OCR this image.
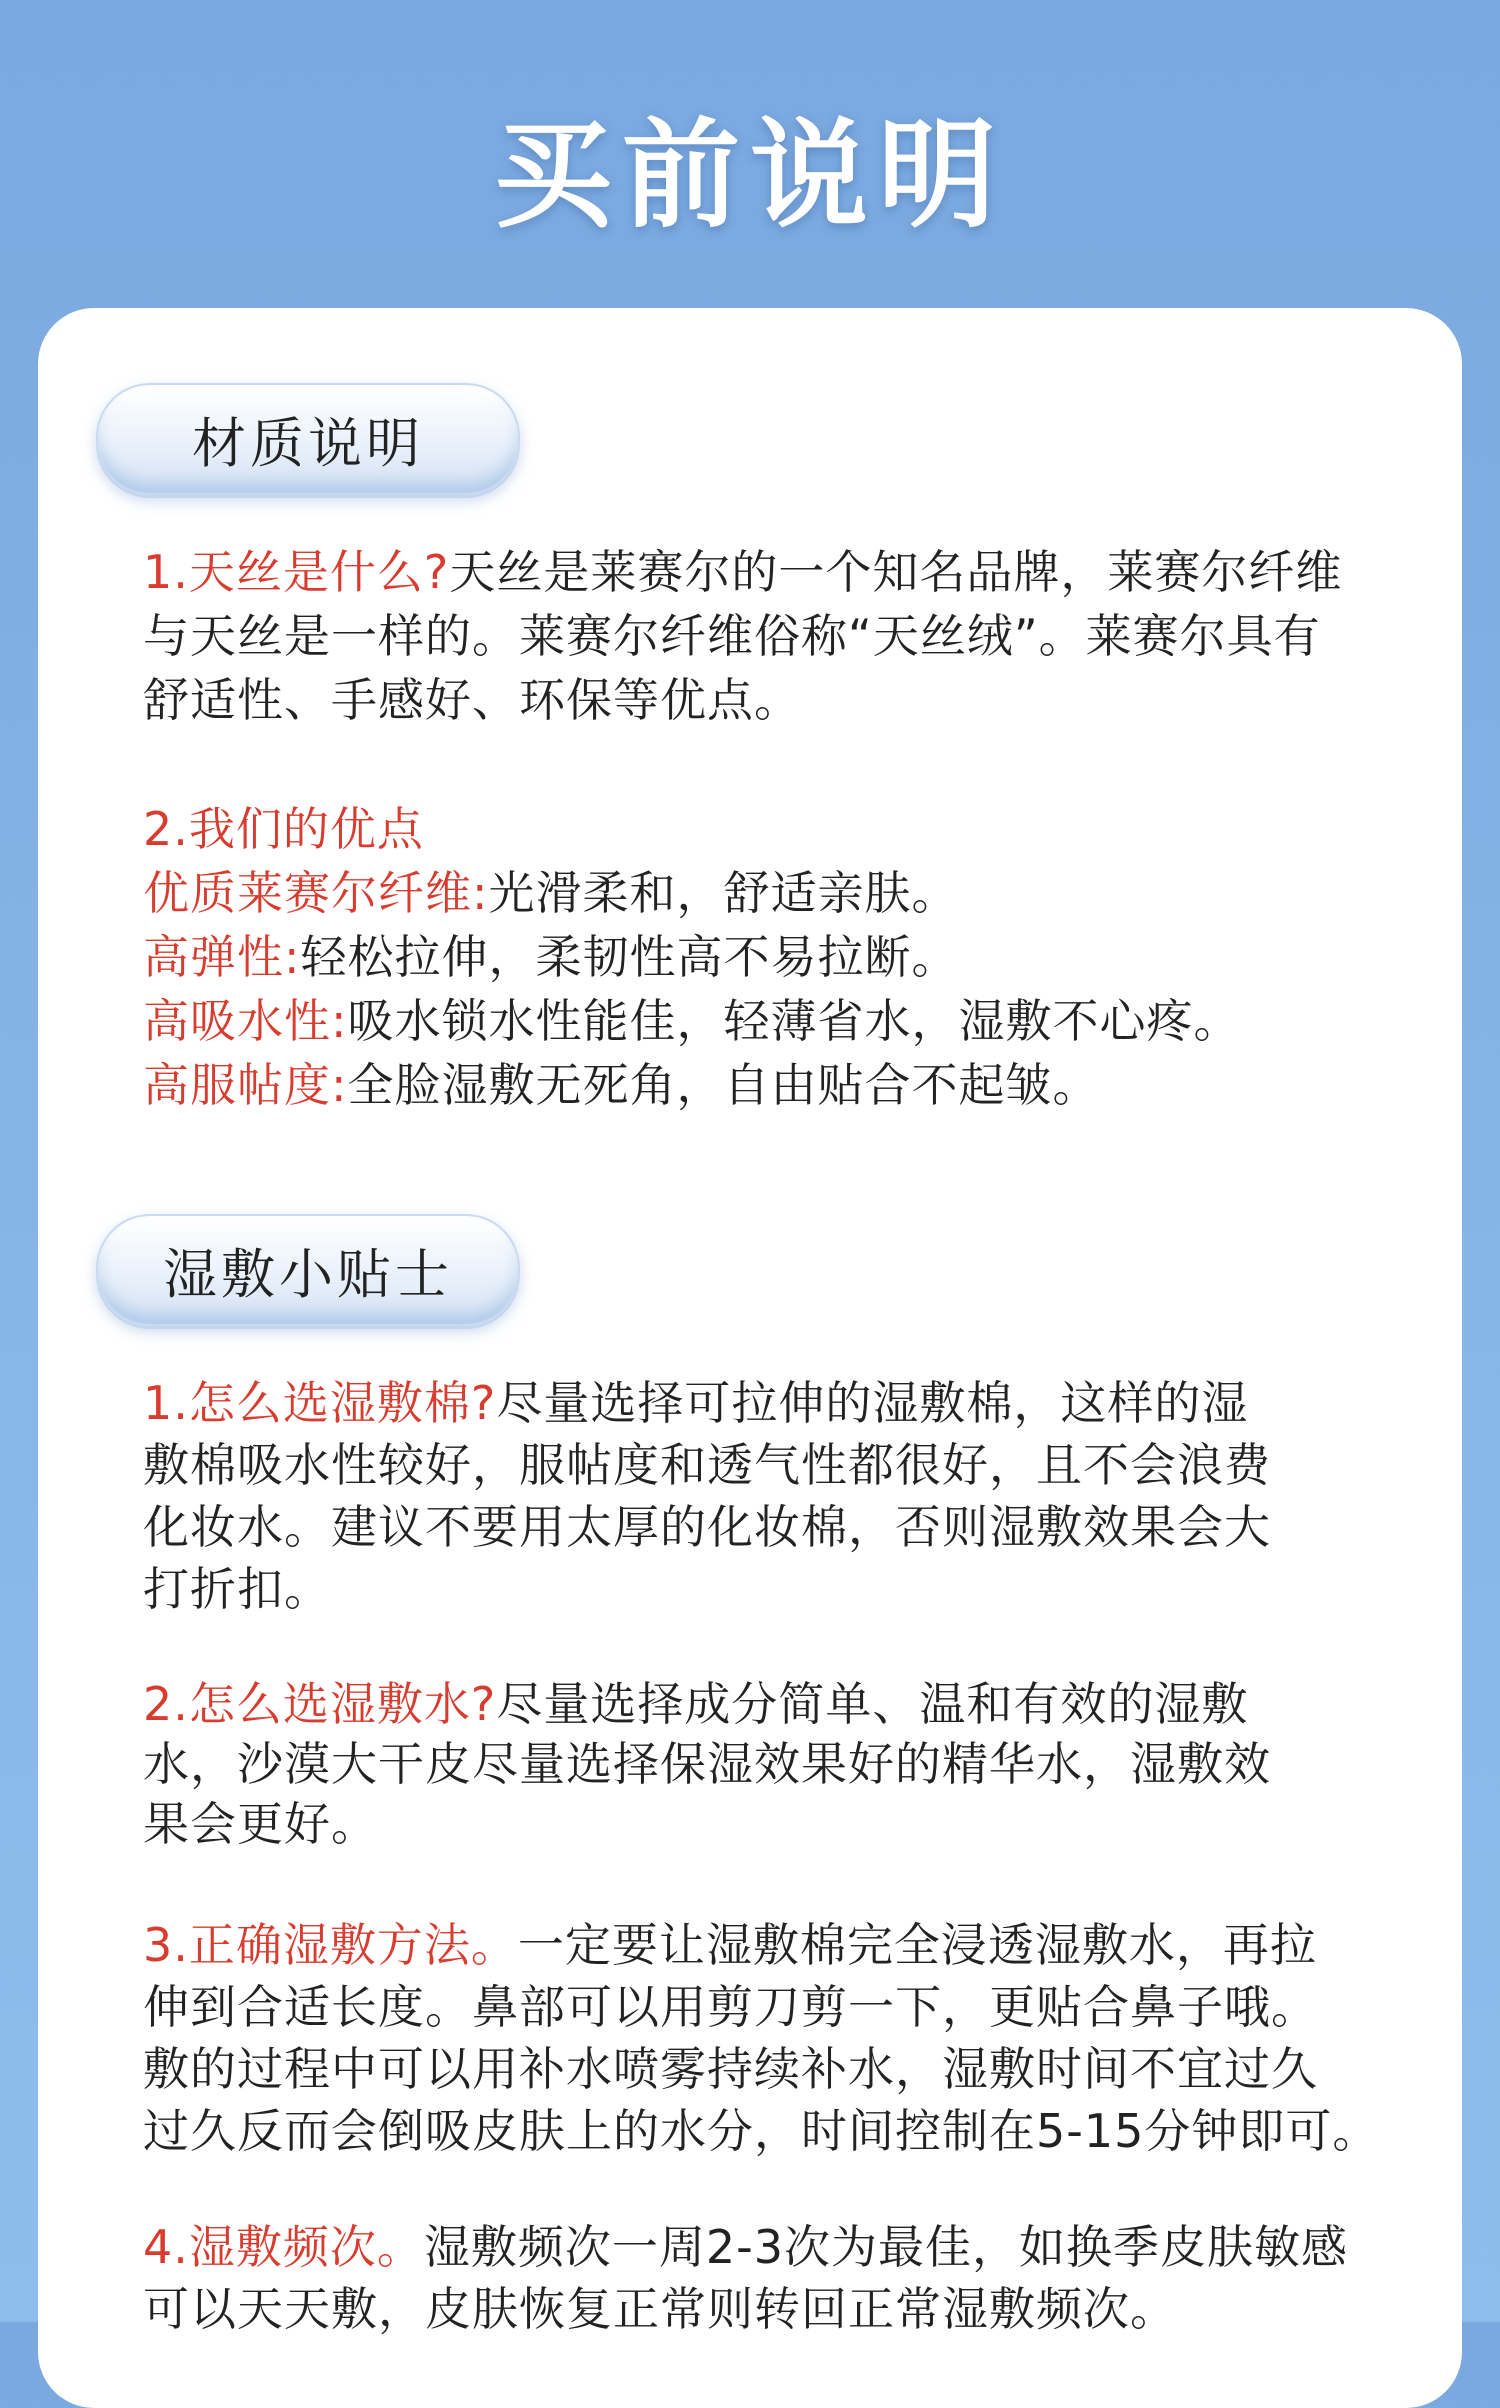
买前说明
材质说明
1.天丝是什么?天丝是莱赛尔的一个知名品牌，莱赛尔纤维
与天丝是一样的。莱赛尔纤维俗称“天丝绒”。莱赛尔具有
舒适性、手感好、环保等优点。
2.我们的优点
优质莱赛尔纤维:光滑柔和，舒适亲肤。
高弹性:轻松拉伸，柔韧性高不易拉断。
高吸水性:吸水锁水性能佳，轻薄省水，湿敷不心疼。
高服帖度:全脸湿敷无死角，自由贴合不起皱。
湿敷小贴士
1.怎么选湿敷棉?尽量选择可拉伸的湿敷棉，这样的湿
敷棉吸水性较好，服帖度和透气性都很好，且不会浪费
化妆水。建议不要用太厚的化妆棉，否则湿敷效果会大
打折扣。
2.怎么选湿敷水?尽量选择成分简单、温和有效的湿敷
水，沙漠大干皮尽量选择保湿效果好的精华水，湿敷效
果会更好。
3.正确湿敷方法。一定要让湿敷棉完全浸透湿敷水，再拉
伸到合适长度。鼻部可以用剪刀剪一下，更贴合鼻子哦。
敷的过程中可以用补水喷雾持续补水，湿敷时间不宜过久
过久反而会倒吸皮肤上的水分，时间控制在5-15分钟即可。
4.湿敷频次。湿敷频次一周2-3次为最佳，如换季皮肤敏感
可以天天敷，皮肤恢复正常则转回正常湿敷频次。
